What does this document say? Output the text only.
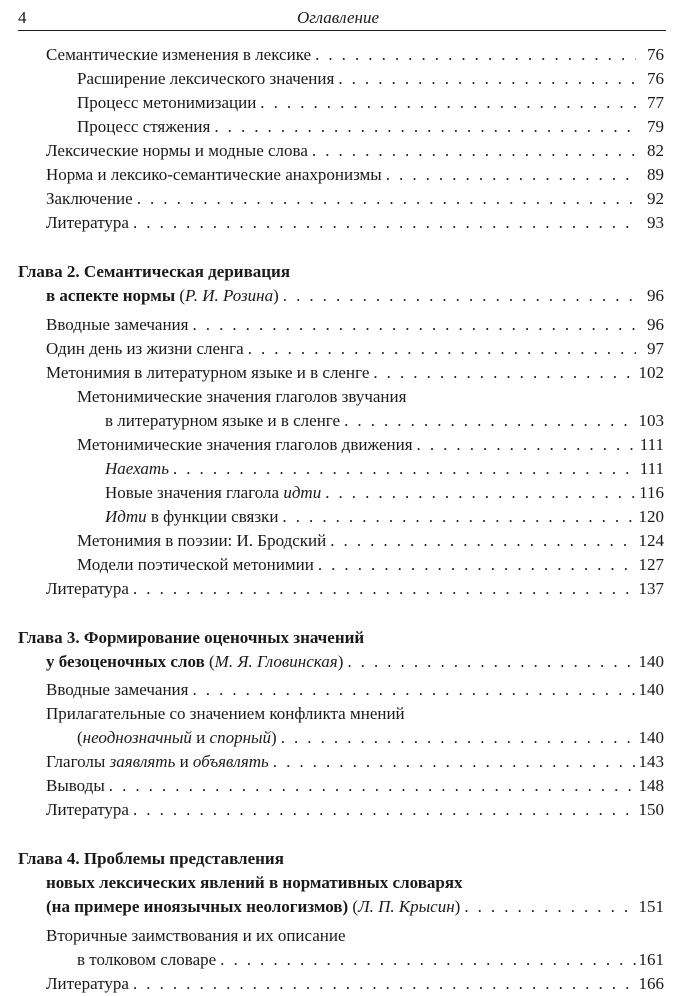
4	Оглавление
Семантические изменения в лексике . . .	76
Расширение лексического значения . . .	76
Процесс метонимизации . . .	77
Процесс стяжения . . .	79
Лексические нормы и модные слова . . .	82
Норма и лексико-семантические анахронизмы . . .	89
Заключение . . .	92
Литература . . .	93
Глава 2. Семантическая деривация
в аспекте нормы (Р. И. Розина) . . .	96
Вводные замечания . . .	96
Один день из жизни сленга . . .	97
Метонимия в литературном языке и в сленге . . .	102
Метонимические значения глаголов звучания
в литературном языке и в сленге . . .	103
Метонимические значения глаголов движения . . .	111
Наехать . . .	111
Новые значения глагола идти . . .	116
Идти в функции связки . . .	120
Метонимия в поэзии: И. Бродский . . .	124
Модели поэтической метонимии . . .	127
Литература . . .	137
Глава 3. Формирование оценочных значений
у безоценочных слов (М. Я. Гловинская) . . .	140
Вводные замечания . . .	140
Прилагательные со значением конфликта мнений
(неоднозначный и спорный) . . .	140
Глаголы заявлять и объявлять . . .	143
Выводы . . .	148
Литература . . .	150
Глава 4. Проблемы представления
новых лексических явлений в нормативных словарях
(на примере иноязычных неологизмов) (Л. П. Крысин) . . .	151
Вторичные заимствования и их описание
в толковом словаре . . .	161
Литература . . .	166
